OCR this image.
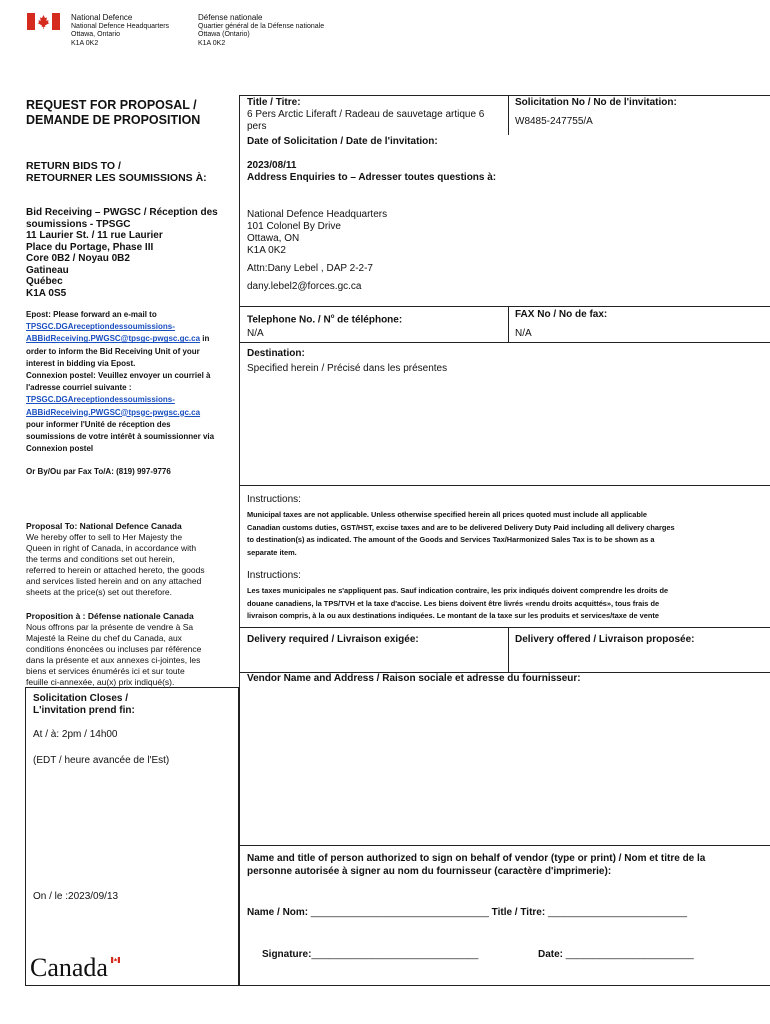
National Defence
National Defence Headquarters
Ottawa, Ontario
K1A 0K2
Défense nationale
Quartier général de la Défense nationale
Ottawa (Ontario)
K1A 0K2
REQUEST FOR PROPOSAL /
DEMANDE DE PROPOSITION
RETURN BIDS TO /
RETOURNER LES SOUMISSIONS À:
Bid Receiving – PWGSC / Réception des
soumissions - TPSGC
11 Laurier St. / 11 rue Laurier
Place du Portage, Phase III
Core 0B2 / Noyau 0B2
Gatineau
Québec
K1A 0S5
Epost: Please forward an e-mail to
TPSGC.DGAreceptiondessoumissions-
ABBidReceiving.PWGSC@tpsgc-pwgsc.gc.ca in
order to inform the Bid Receiving Unit of your
interest in bidding via Epost.
Connexion postel: Veuillez envoyer un courriel à
l'adresse courriel suivante :
TPSGC.DGAreceptiondessoumissions-
ABBidReceiving.PWGSC@tpsgc-pwgsc.gc.ca
pour informer l'Unité de réception des
soumissions de votre intérêt à soumissionner via
Connexion postel
Or By/Ou par Fax To/A: (819) 997-9776
Proposal To: National Defence Canada
We hereby offer to sell to Her Majesty the
Queen in right of Canada, in accordance with
the terms and conditions set out herein,
referred to herein or attached hereto, the goods
and services listed herein and on any attached
sheets at the price(s) set out therefore.
Proposition à : Défense nationale Canada
Nous offrons par la présente de vendre à Sa
Majesté la Reine du chef du Canada, aux
conditions énoncées ou incluses par référence
dans la présente et aux annexes ci-jointes, les
biens et services énumérés ici et sur toute
feuille ci-annexée, au(x) prix indiqué(s).
Solicitation Closes /
L'invitation prend fin:
At / à: 2pm / 14h00
(EDT / heure avancée de l'Est)
On / le :2023/09/13
Canada
Title / Titre:
6 Pers Arctic Liferaft / Radeau de sauvetage artique 6
pers
Date of Solicitation / Date de l'invitation:
Solicitation No / No de l'invitation:
W8485-247755/A
2023/08/11
Address Enquiries to – Adresser toutes questions à:
National Defence Headquarters
101 Colonel By Drive
Ottawa, ON
K1A 0K2
Attn:Dany Lebel , DAP 2-2-7
dany.lebel2@forces.gc.ca
Telephone No. / $N^o$ de téléphone:
N/A
FAX No / No de fax:
N/A
Destination:
Specified herein / Précisé dans les présentes
Instructions:
Municipal taxes are not applicable. Unless otherwise specified herein all prices quoted must include all applicable
Canadian customs duties, GST/HST, excise taxes and are to be delivered Delivery Duty Paid including all delivery charges
to destination(s) as indicated. The amount of the Goods and Services Tax/Harmonized Sales Tax is to be shown as a
separate item.
Instructions:
Les taxes municipales ne s'appliquent pas. Sauf indication contraire, les prix indiqués doivent comprendre les droits de
douane canadiens, la TPS/TVH et la taxe d'accise. Les biens doivent être livrés «rendu droits acquittés», tous frais de
livraison compris, à la ou aux destinations indiquées. Le montant de la taxe sur les produits et services/taxe de vente
Delivery required / Livraison exigée:	Delivery offered / Livraison proposée:
Vendor Name and Address / Raison sociale et adresse du fournisseur:
Name and title of person authorized to sign on behalf of vendor (type or print) / Nom et titre de la
personne autorisée à signer au nom du fournisseur (caractère d'imprimerie):
Name / Nom: ________________________________ Title / Titre: _________________________
Signature:______________________________	Date: _______________________
